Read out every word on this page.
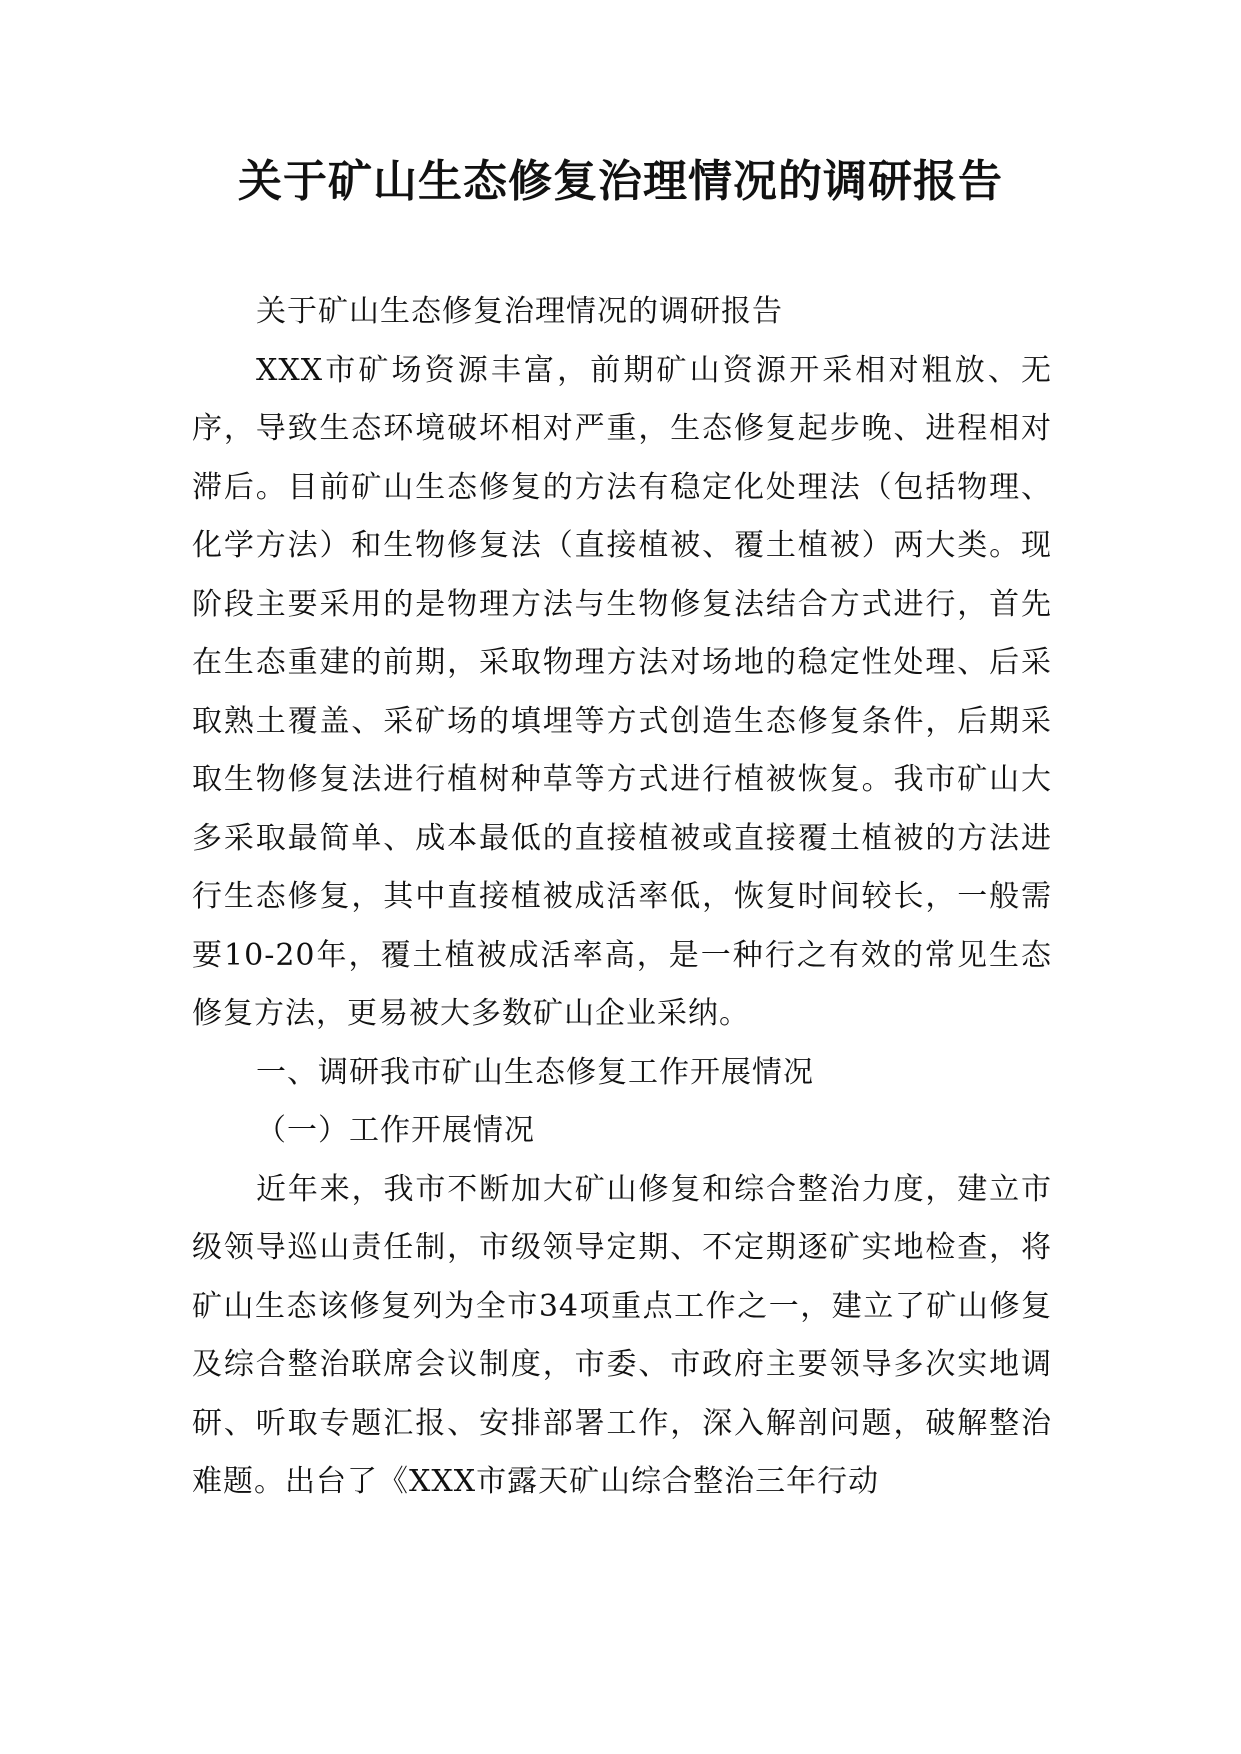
关于矿山生态修复治理情况的调研报告

关于矿山生态修复治理情况的调研报告

XXX市矿场资源丰富，前期矿山资源开采相对粗放、无序，导致生态环境破坏相对严重，生态修复起步晚、进程相对滞后。目前矿山生态修复的方法有稳定化处理法（包括物理、化学方法）和生物修复法（直接植被、覆土植被）两大类。现阶段主要采用的是物理方法与生物修复法结合方式进行，首先在生态重建的前期，采取物理方法对场地的稳定性处理、后采取熟土覆盖、采矿场的填埋等方式创造生态修复条件，后期采取生物修复法进行植树种草等方式进行植被恢复。我市矿山大多采取最简单、成本最低的直接植被或直接覆土植被的方法进行生态修复，其中直接植被成活率低，恢复时间较长，一般需要10-20年，覆土植被成活率高，是一种行之有效的常见生态修复方法，更易被大多数矿山企业采纳。

一、调研我市矿山生态修复工作开展情况

（一）工作开展情况

近年来，我市不断加大矿山修复和综合整治力度，建立市级领导巡山责任制，市级领导定期、不定期逐矿实地检查，将矿山生态该修复列为全市34项重点工作之一，建立了矿山修复及综合整治联席会议制度，市委、市政府主要领导多次实地调研、听取专题汇报、安排部署工作，深入解剖问题，破解整治难题。出台了《XXX市露天矿山综合整治三年行动
